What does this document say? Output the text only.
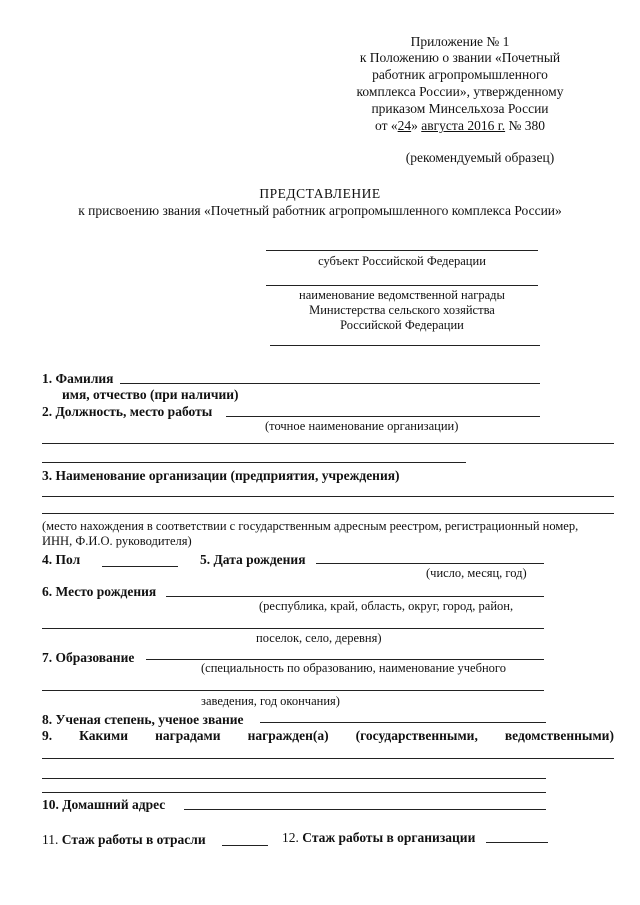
Приложение № 1
к Положению о звании «Почетный
работник агропромышленного
комплекса России», утвержденному
приказом Минсельхоза России
от «24» августа 2016 г. № 380
(рекомендуемый образец)
ПРЕДСТАВЛЕНИЕ
к присвоению звания «Почетный работник агропромышленного комплекса России»
субъект Российской Федерации
наименование ведомственной награды
Министерства сельского хозяйства
Российской Федерации
1. Фамилия
имя, отчество (при наличии)
2. Должность, место работы
(точное наименование организации)
3. Наименование организации (предприятия, учреждения)
(место нахождения в соответствии с государственным адресным реестром, регистрационный номер,
ИНН, Ф.И.О. руководителя)
4. Пол	5. Дата рождения
(число, месяц, год)
6. Место рождения
(республика, край, область, округ, город, район,
поселок, село, деревня)
7. Образование
(специальность по образованию, наименование учебного
заведения, год окончания)
8. Ученая степень, ученое звание
9. Какими наградами награжден(а) (государственными, ведомственными)
10. Домашний адрес
11. Стаж работы в отрасли	12. Стаж работы в организации
